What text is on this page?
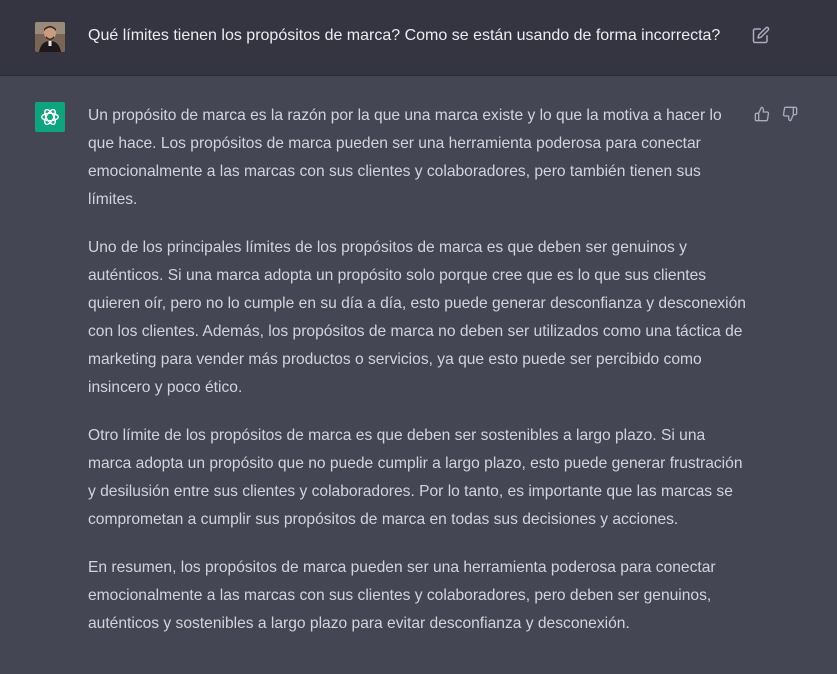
Qué límites tienen los propósitos de marca? Como se están usando de forma incorrecta?

Un propósito de marca es la razón por la que una marca existe y lo que la motiva a hacer lo que hace. Los propósitos de marca pueden ser una herramienta poderosa para conectar emocionalmente a las marcas con sus clientes y colaboradores, pero también tienen sus límites.

Uno de los principales límites de los propósitos de marca es que deben ser genuinos y auténticos. Si una marca adopta un propósito solo porque cree que es lo que sus clientes quieren oír, pero no lo cumple en su día a día, esto puede generar desconfianza y desconexión con los clientes. Además, los propósitos de marca no deben ser utilizados como una táctica de marketing para vender más productos o servicios, ya que esto puede ser percibido como insincero y poco ético.

Otro límite de los propósitos de marca es que deben ser sostenibles a largo plazo. Si una marca adopta un propósito que no puede cumplir a largo plazo, esto puede generar frustración y desilusión entre sus clientes y colaboradores. Por lo tanto, es importante que las marcas se comprometan a cumplir sus propósitos de marca en todas sus decisiones y acciones.

En resumen, los propósitos de marca pueden ser una herramienta poderosa para conectar emocionalmente a las marcas con sus clientes y colaboradores, pero deben ser genuinos, auténticos y sostenibles a largo plazo para evitar desconfianza y desconexión.
